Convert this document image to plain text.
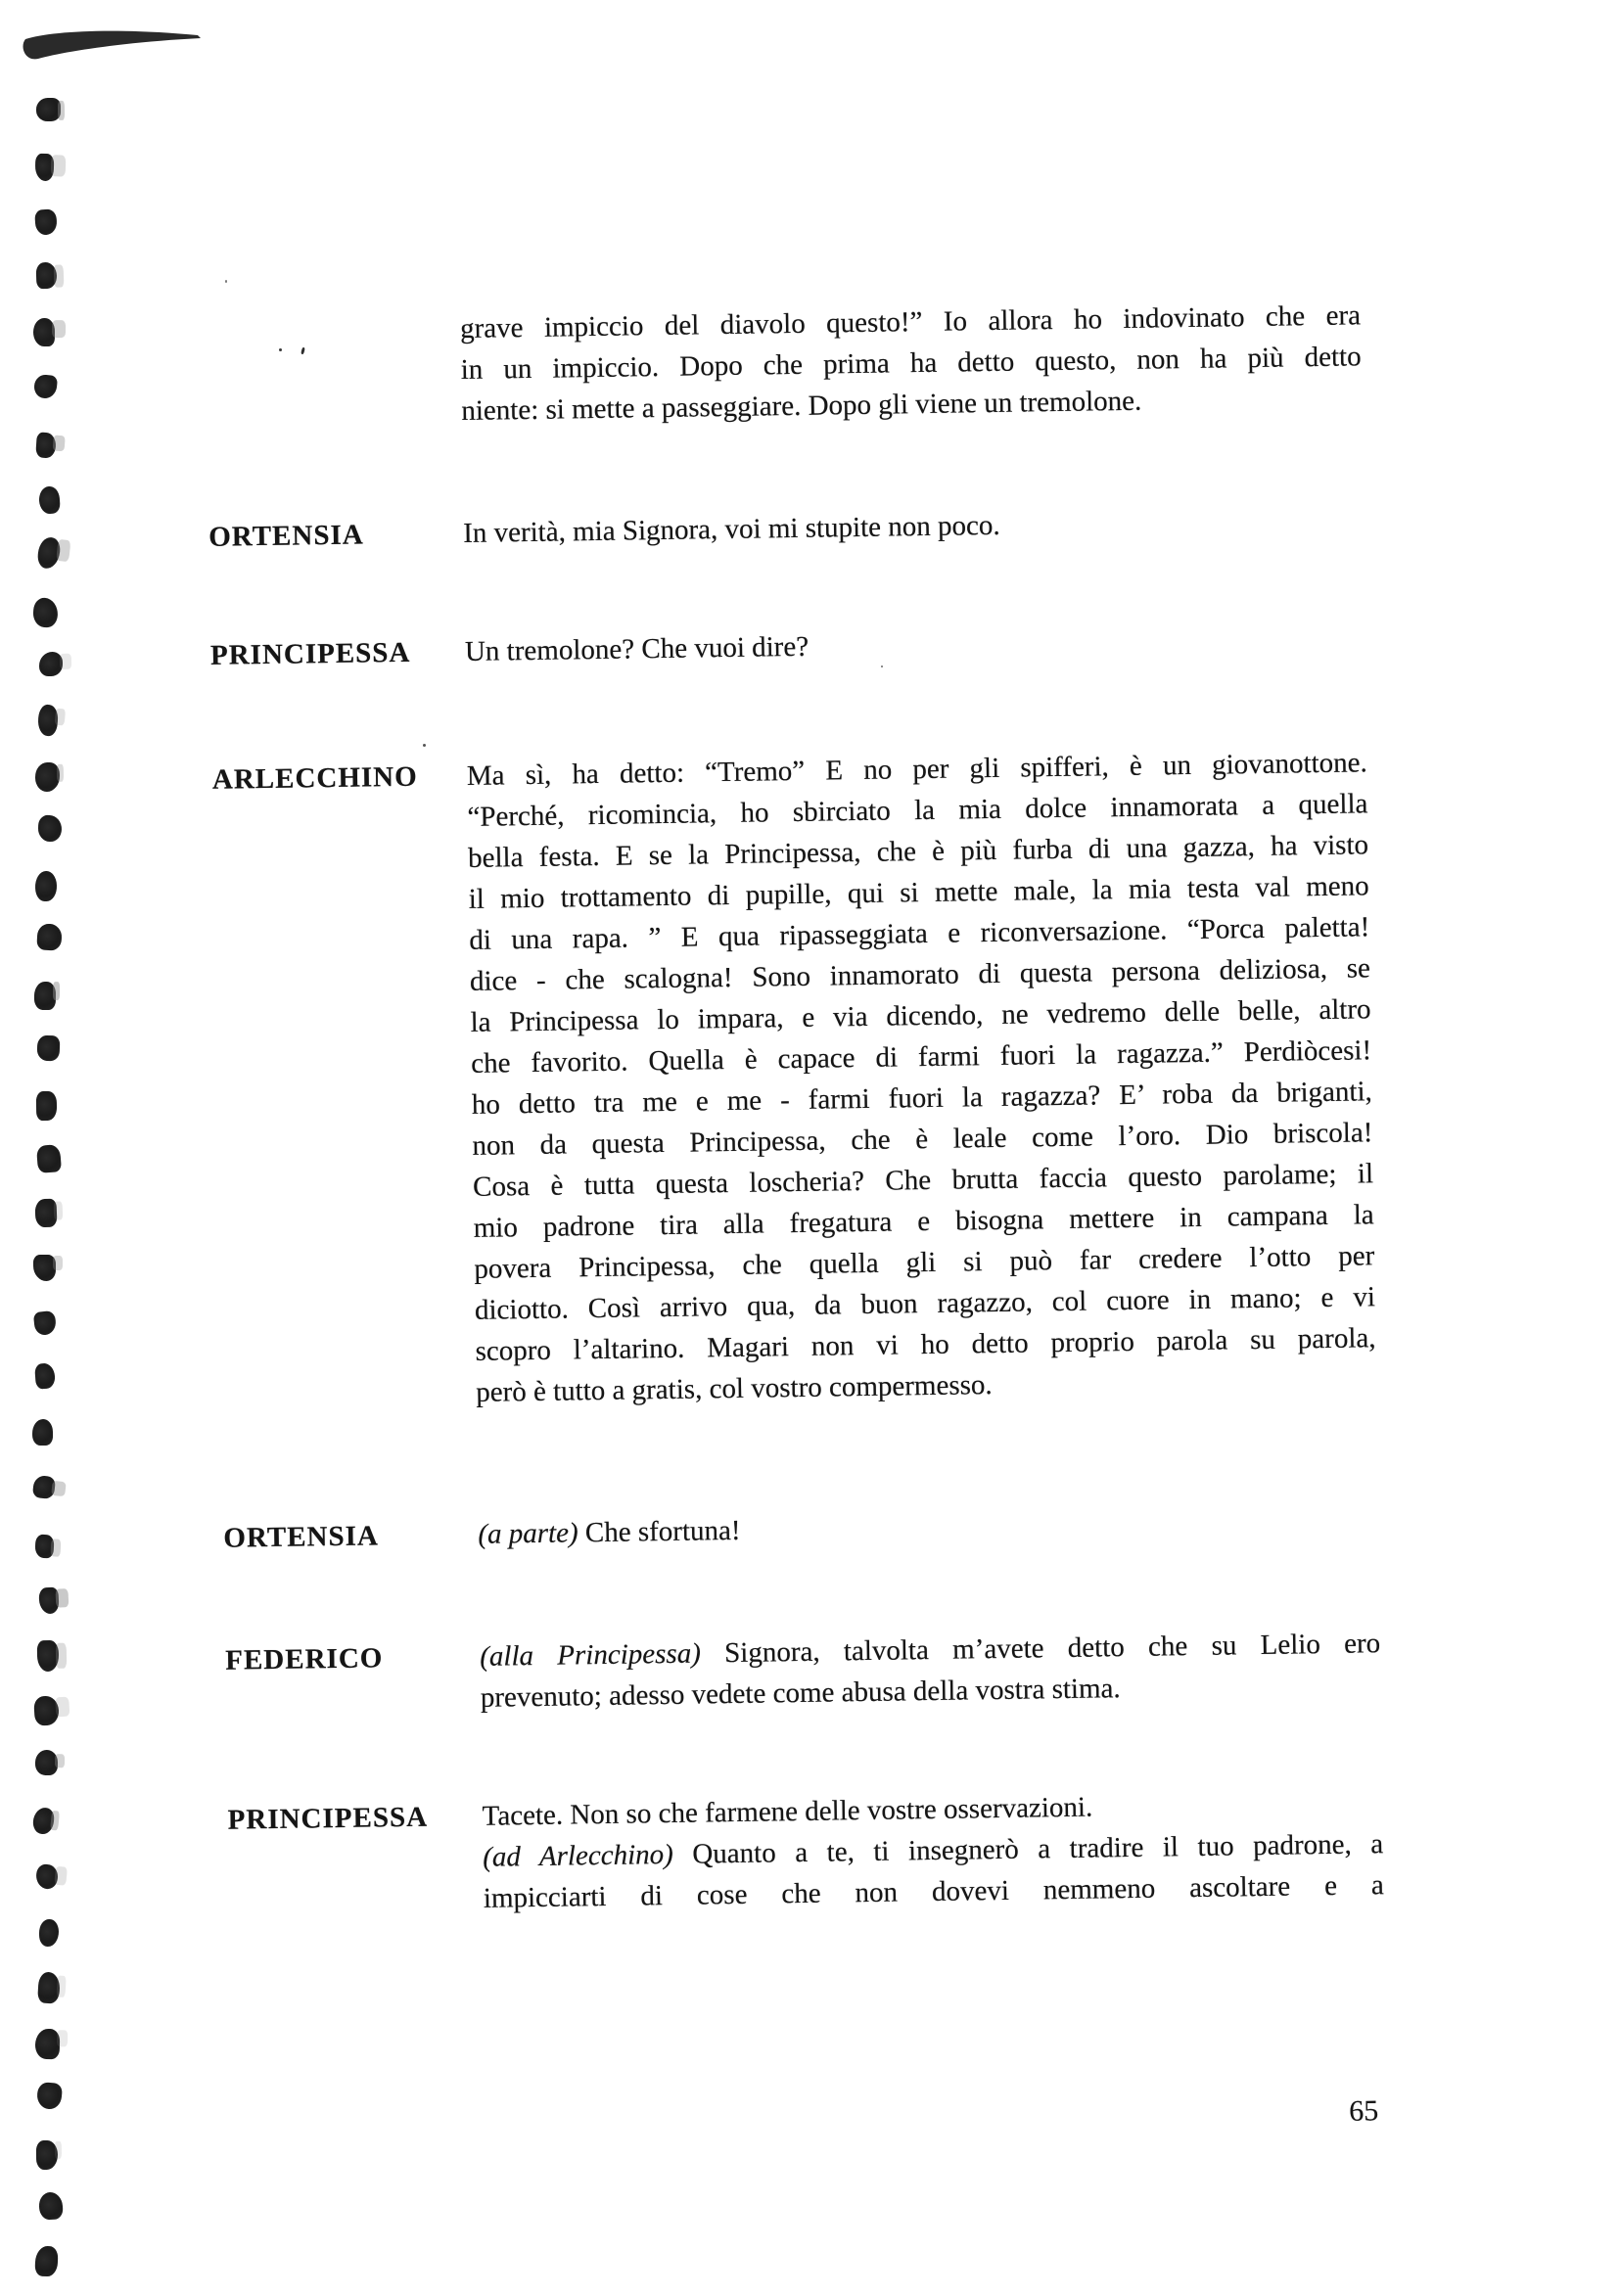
grave impiccio del diavolo questo!” Io allora ho indovinato che era
in un impiccio. Dopo che prima ha detto questo, non ha più detto
niente: si mette a passeggiare. Dopo gli viene un tremolone.
ORTENSIA	In verità, mia Signora, voi mi stupite non poco.
PRINCIPESSA Un tremolone? Che vuoi dire?
ARLECCHINO Ma sì, ha detto: “Tremo” E no per gli spifferi, è un giovanottone.
“Perché, ricomincia, ho sbirciato la mia dolce innamorata a quella
bella festa. E se la Principessa, che è più furba di una gazza, ha visto
il mio trottamento di pupille, qui si mette male, la mia testa val meno
di una rapa. ” E qua ripasseggiata e riconversazione. “Porca paletta!
dice - che scalogna! Sono innamorato di questa persona deliziosa, se
la Principessa lo impara, e via dicendo, ne vedremo delle belle, altro
che favorito. Quella è capace di farmi fuori la ragazza.” Perdiòcesi!
ho detto tra me e me - farmi fuori la ragazza? E’ roba da briganti,
non da questa Principessa, che è leale come l’oro. Dio briscola!
Cosa è tutta questa loscheria? Che brutta faccia questo parolame; il
mio padrone tira alla fregatura e bisogna mettere in campana la
povera Principessa, che quella gli si può far credere l’otto per
diciotto. Così arrivo qua, da buon ragazzo, col cuore in mano; e vi
scopro l’altarino. Magari non vi ho detto proprio parola su parola,
però è tutto a gratis, col vostro compermesso.
ORTENSIA	(a parte) Che sfortuna!
FEDERICO	(alla Principessa) Signora, talvolta m’avete detto che su Lelio ero
prevenuto; adesso vedete come abusa della vostra stima.
PRINCIPESSA Tacete. Non so che farmene delle vostre osservazioni.
(ad Arlecchino) Quanto a te, ti insegnerò a tradire il tuo padrone, a
impicciarti di cose che non dovevi nemmeno ascoltare e a
65
